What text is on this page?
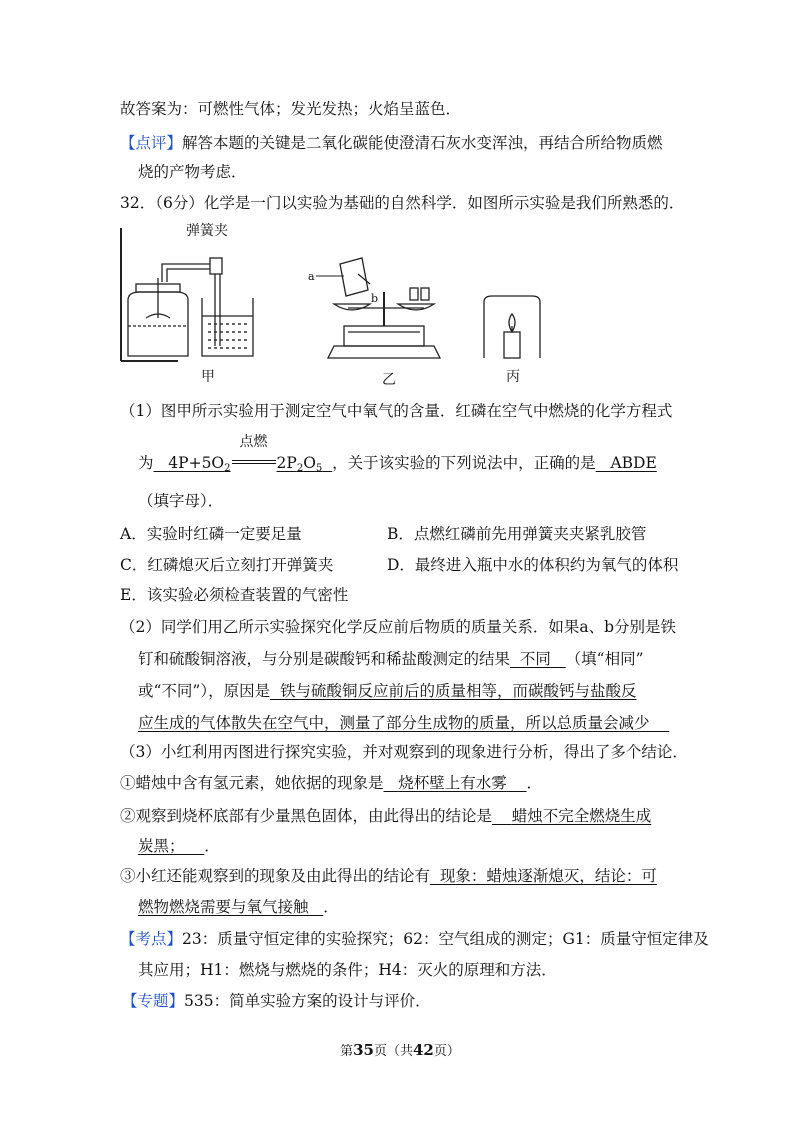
故答案为：可燃性气体；发光发热；火焰呈蓝色．
【点评】解答本题的关键是二氧化碳能使澄清石灰水变浑浊，再结合所给物质燃
烧的产物考虑．
32．（6分）化学是一门以实验为基础的自然科学．如图所示实验是我们所熟悉的．
弹簧夹
甲
a
b
乙	丙
（1）图甲所示实验用于测定空气中氧气的含量．红磷在空气中燃烧的化学方程式
为 $4P+5O_2$
点燃
$2P_2O_5$ ，关于该实验的下列说法中，正确的是 ABDE
（填字母）．
A．实验时红磷一定要足量	B．点燃红磷前先用弹簧夹夹紧乳胶管
C．红磷熄灭后立刻打开弹簧夹	D．最终进入瓶中水的体积约为氧气的体积
E．该实验必须检查装置的气密性
（2）同学们用乙所示实验探究化学反应前后物质的质量关系．如果a、b分别是铁
钉和硫酸铜溶液，与分别是碳酸钙和稀盐酸测定的结果 不同 （填“相同”
或“不同”），原因是 铁与硫酸铜反应前后的质量相等，而碳酸钙与盐酸反
应生成的气体散失在空气中，测量了部分生成物的质量，所以总质量会减少
（3）小红利用丙图进行探究实验，并对观察到的现象进行分析，得出了多个结论．
①蜡烛中含有氢元素，她依据的现象是 烧杯壁上有水雾 ．
②观察到烧杯底部有少量黑色固体，由此得出的结论是 蜡烛不完全燃烧生成
炭黑； ．
③小红还能观察到的现象及由此得出的结论有 现象：蜡烛逐渐熄灭，结论：可
燃物燃烧需要与氧气接触 ．
【考点】23：质量守恒定律的实验探究；62：空气组成的测定；G1：质量守恒定律及
其应用；H1：燃烧与燃烧的条件；H4：灭火的原理和方法．
【专题】535：简单实验方案的设计与评价．
第35页（共42页）
